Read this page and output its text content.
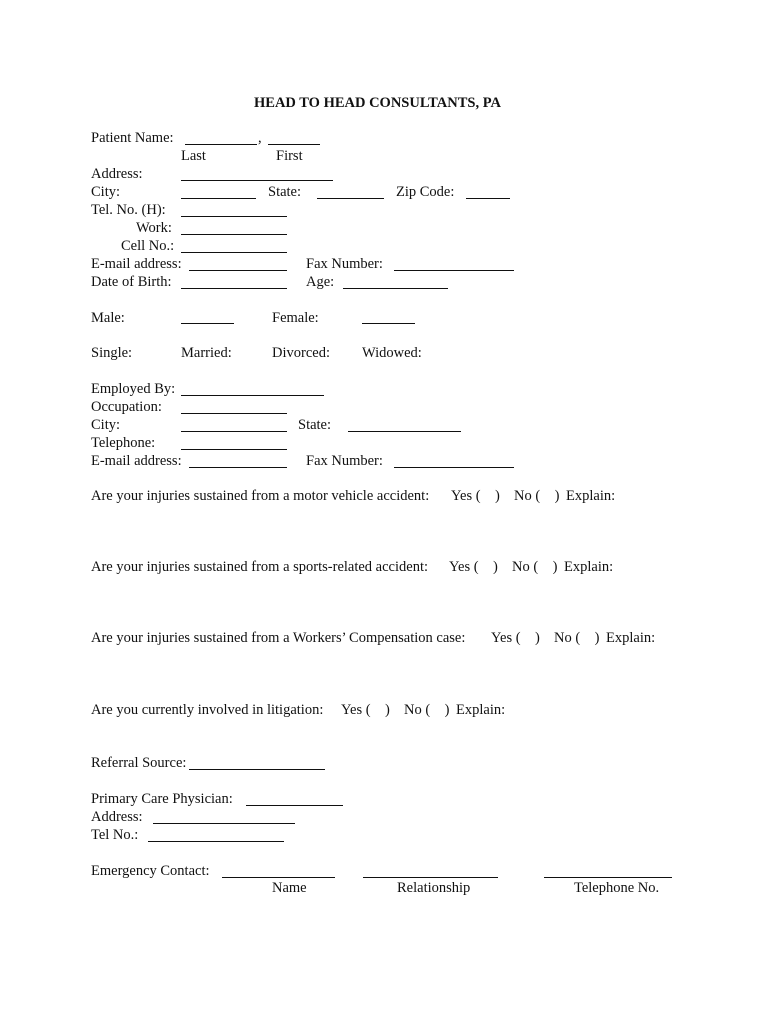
HEAD TO HEAD CONSULTANTS, PA
Patient Name:	,
Last	First
Address:
City:	State:	Zip Code:
Tel. No. (H):
Work:
Cell No.:
E-mail address:	Fax Number:
Date of Birth:	Age:
Male:	Female:
Single:	Married:	Divorced: Widowed:
Employed By:
Occupation:
City:	State:
Telephone:
E-mail address:	Fax Number:
Are your injuries sustained from a motor vehicle accident: Yes (    ) No (    ) Explain:
Are your injuries sustained from a sports-related accident: Yes (    ) No (    ) Explain:
Are your injuries sustained from a Workers’ Compensation case: Yes (    ) No (    ) Explain:
Are you currently involved in litigation: Yes (    ) No (    ) Explain:
Referral Source:
Primary Care Physician:
Address:
Tel No.:
Emergency Contact:
Name	Relationship	Telephone No.
